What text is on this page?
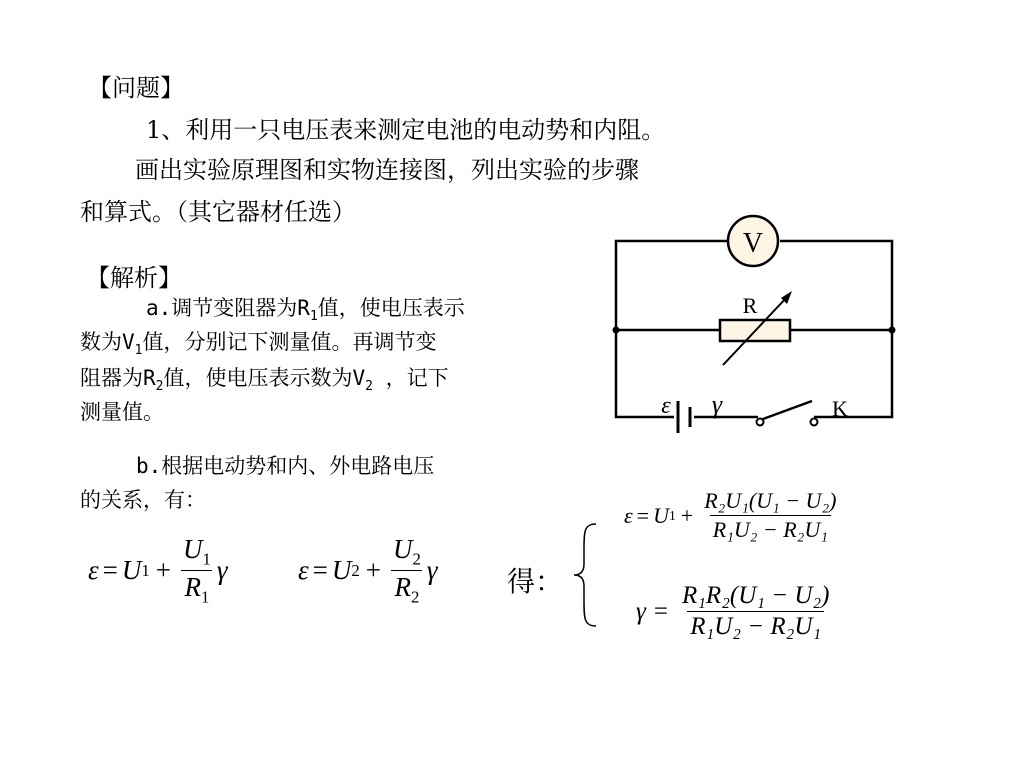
【问题】
1、利用一只电压表来测定电池的电动势和内阻。
画出实验原理图和实物连接图，列出实验的步骤
和算式。（其它器材任选）
【解析】
a.调节变阻器为$R_1$值，使电压表示
数为$V_1$值，分别记下测量值。再调节变
阻器为$R_2$值，使电压表示数为$V_2$ ，记下
测量值。
b.根据电动势和内、外电路电压
的关系，有：
ε = U $1 + \frac{U_1}{R_1}$ γ	ε = U $2 + \frac{U_2}{R_2}$ γ 得：
ε = U $1 + \frac{\text{R₂U₁(U₁ − U₂)}}{\text{R₁U₂ − R₂U₁}}$
$\gamma = \frac{\text{R₁R₂(U₁ − U₂)}}{\text{R₁U₂ − R₂U₁}}$
V
R
ε γ	K
